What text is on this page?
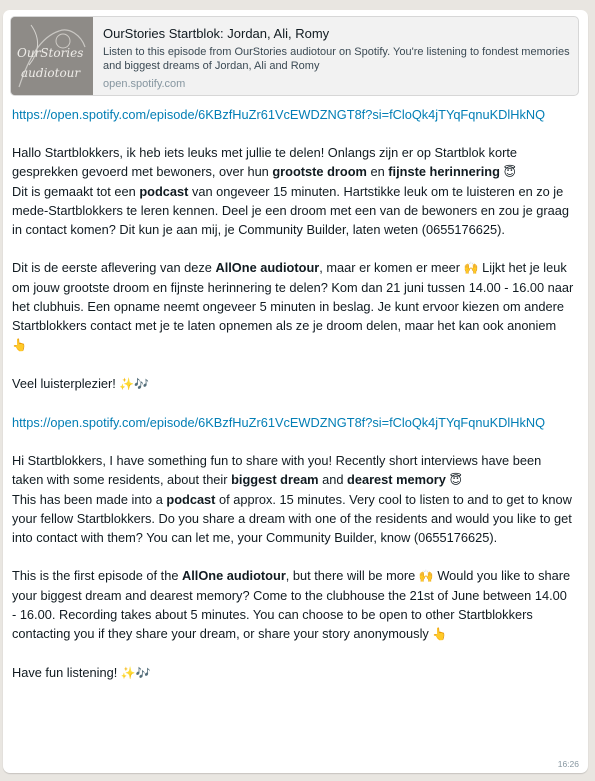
OurStories
audiotour
OurStories Startblok: Jordan, Ali, Romy
Listen to this episode from OurStories audiotour on Spotify. You're listening to fondest memories and biggest dreams of Jordan, Ali and Romy
open.spotify.com

https://open.spotify.com/episode/6KBzfHuZr61VcEWDZNGT8f?si=fCloQk4jTYqFqnuKDlHkNQ

Hallo Startblokkers, ik heb iets leuks met jullie te delen! Onlangs zijn er op Startblok korte gesprekken gevoerd met bewoners, over hun grootste droom en fijnste herinnering 😇
Dit is gemaakt tot een podcast van ongeveer 15 minuten. Hartstikke leuk om te luisteren en zo je mede-Startblokkers te leren kennen. Deel je een droom met een van de bewoners en zou je graag in contact komen? Dit kun je aan mij, je Community Builder, laten weten (0655176625).

Dit is de eerste aflevering van deze AllOne audiotour, maar er komen er meer 🙌 Lijkt het je leuk om jouw grootste droom en fijnste herinnering te delen? Kom dan 21 juni tussen 14.00 - 16.00 naar het clubhuis. Een opname neemt ongeveer 5 minuten in beslag. Je kunt ervoor kiezen om andere Startblokkers contact met je te laten opnemen als ze je droom delen, maar het kan ook anoniem 👆

Veel luisterplezier! ✨🎶

https://open.spotify.com/episode/6KBzfHuZr61VcEWDZNGT8f?si=fCloQk4jTYqFqnuKDlHkNQ

Hi Startblokkers, I have something fun to share with you! Recently short interviews have been taken with some residents, about their biggest dream and dearest memory 😇
This has been made into a podcast of approx. 15 minutes. Very cool to listen to and to get to know your fellow Startblokkers. Do you share a dream with one of the residents and would you like to get into contact with them? You can let me, your Community Builder, know (0655176625).

This is the first episode of the AllOne audiotour, but there will be more 🙌 Would you like to share your biggest dream and dearest memory? Come to the clubhouse the 21st of June between 14.00 - 16.00. Recording takes about 5 minutes. You can choose to be open to other Startblokkers contacting you if they share your dream, or share your story anonymously 👆

Have fun listening! ✨🎶

16:26
